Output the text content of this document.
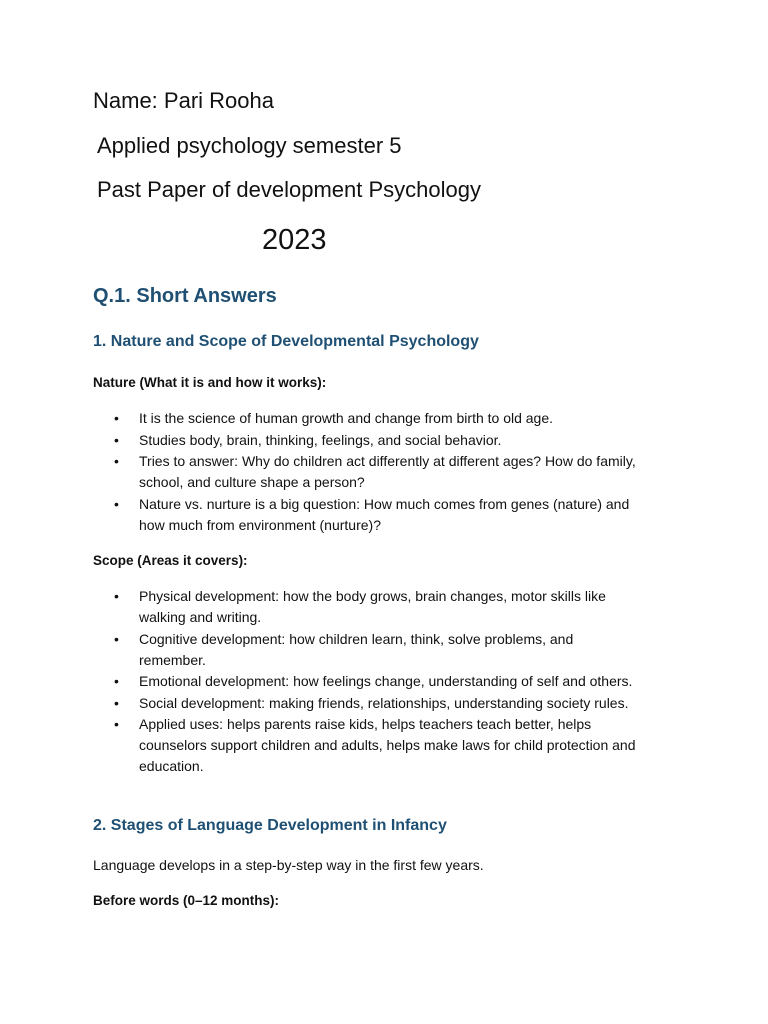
Name: Pari Rooha
Applied psychology semester 5
Past Paper of development Psychology
2023
Q.1. Short Answers
1. Nature and Scope of Developmental Psychology
Nature (What it is and how it works):
• It is the science of human growth and change from birth to old age.
• Studies body, brain, thinking, feelings, and social behavior.
• Tries to answer: Why do children act differently at different ages? How do family, school, and culture shape a person?
• Nature vs. nurture is a big question: How much comes from genes (nature) and how much from environment (nurture)?
Scope (Areas it covers):
• Physical development: how the body grows, brain changes, motor skills like walking and writing.
• Cognitive development: how children learn, think, solve problems, and remember.
• Emotional development: how feelings change, understanding of self and others.
• Social development: making friends, relationships, understanding society rules.
• Applied uses: helps parents raise kids, helps teachers teach better, helps counselors support children and adults, helps make laws for child protection and education.
2. Stages of Language Development in Infancy
Language develops in a step-by-step way in the first few years.
Before words (0–12 months):
